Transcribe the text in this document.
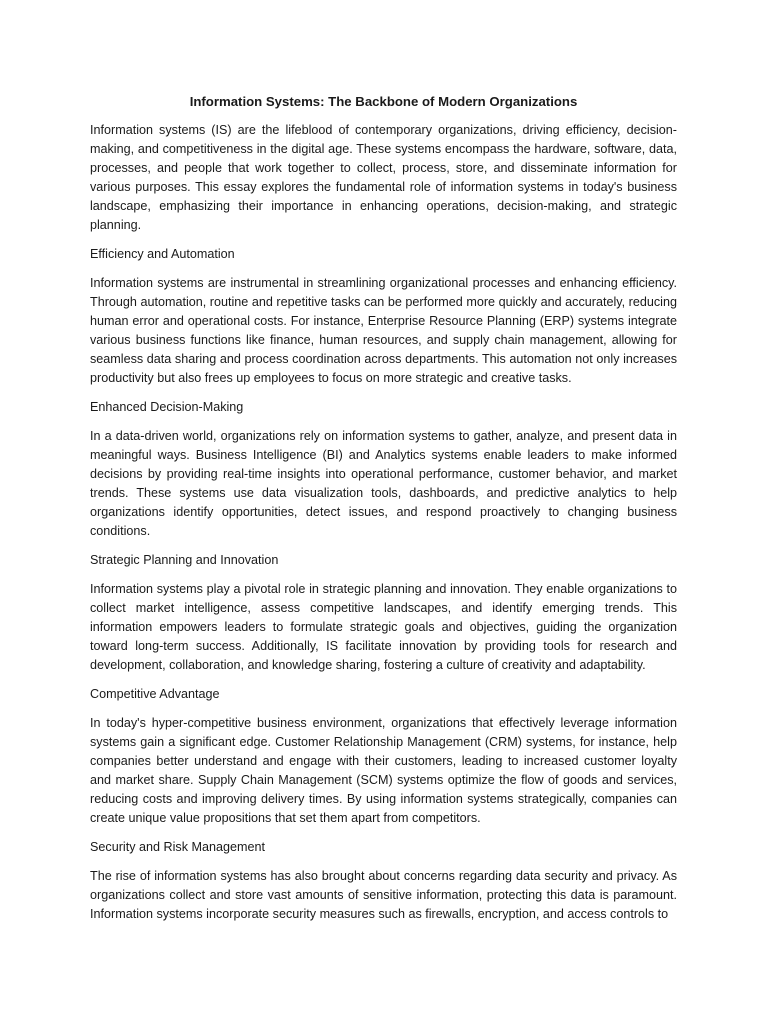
Information Systems: The Backbone of Modern Organizations

Information systems (IS) are the lifeblood of contemporary organizations, driving efficiency, decision-making, and competitiveness in the digital age. These systems encompass the hardware, software, data, processes, and people that work together to collect, process, store, and disseminate information for various purposes. This essay explores the fundamental role of information systems in today's business landscape, emphasizing their importance in enhancing operations, decision-making, and strategic planning.

Efficiency and Automation

Information systems are instrumental in streamlining organizational processes and enhancing efficiency. Through automation, routine and repetitive tasks can be performed more quickly and accurately, reducing human error and operational costs. For instance, Enterprise Resource Planning (ERP) systems integrate various business functions like finance, human resources, and supply chain management, allowing for seamless data sharing and process coordination across departments. This automation not only increases productivity but also frees up employees to focus on more strategic and creative tasks.

Enhanced Decision-Making

In a data-driven world, organizations rely on information systems to gather, analyze, and present data in meaningful ways. Business Intelligence (BI) and Analytics systems enable leaders to make informed decisions by providing real-time insights into operational performance, customer behavior, and market trends. These systems use data visualization tools, dashboards, and predictive analytics to help organizations identify opportunities, detect issues, and respond proactively to changing business conditions.

Strategic Planning and Innovation

Information systems play a pivotal role in strategic planning and innovation. They enable organizations to collect market intelligence, assess competitive landscapes, and identify emerging trends. This information empowers leaders to formulate strategic goals and objectives, guiding the organization toward long-term success. Additionally, IS facilitate innovation by providing tools for research and development, collaboration, and knowledge sharing, fostering a culture of creativity and adaptability.

Competitive Advantage

In today's hyper-competitive business environment, organizations that effectively leverage information systems gain a significant edge. Customer Relationship Management (CRM) systems, for instance, help companies better understand and engage with their customers, leading to increased customer loyalty and market share. Supply Chain Management (SCM) systems optimize the flow of goods and services, reducing costs and improving delivery times. By using information systems strategically, companies can create unique value propositions that set them apart from competitors.

Security and Risk Management

The rise of information systems has also brought about concerns regarding data security and privacy. As organizations collect and store vast amounts of sensitive information, protecting this data is paramount. Information systems incorporate security measures such as firewalls, encryption, and access controls to
